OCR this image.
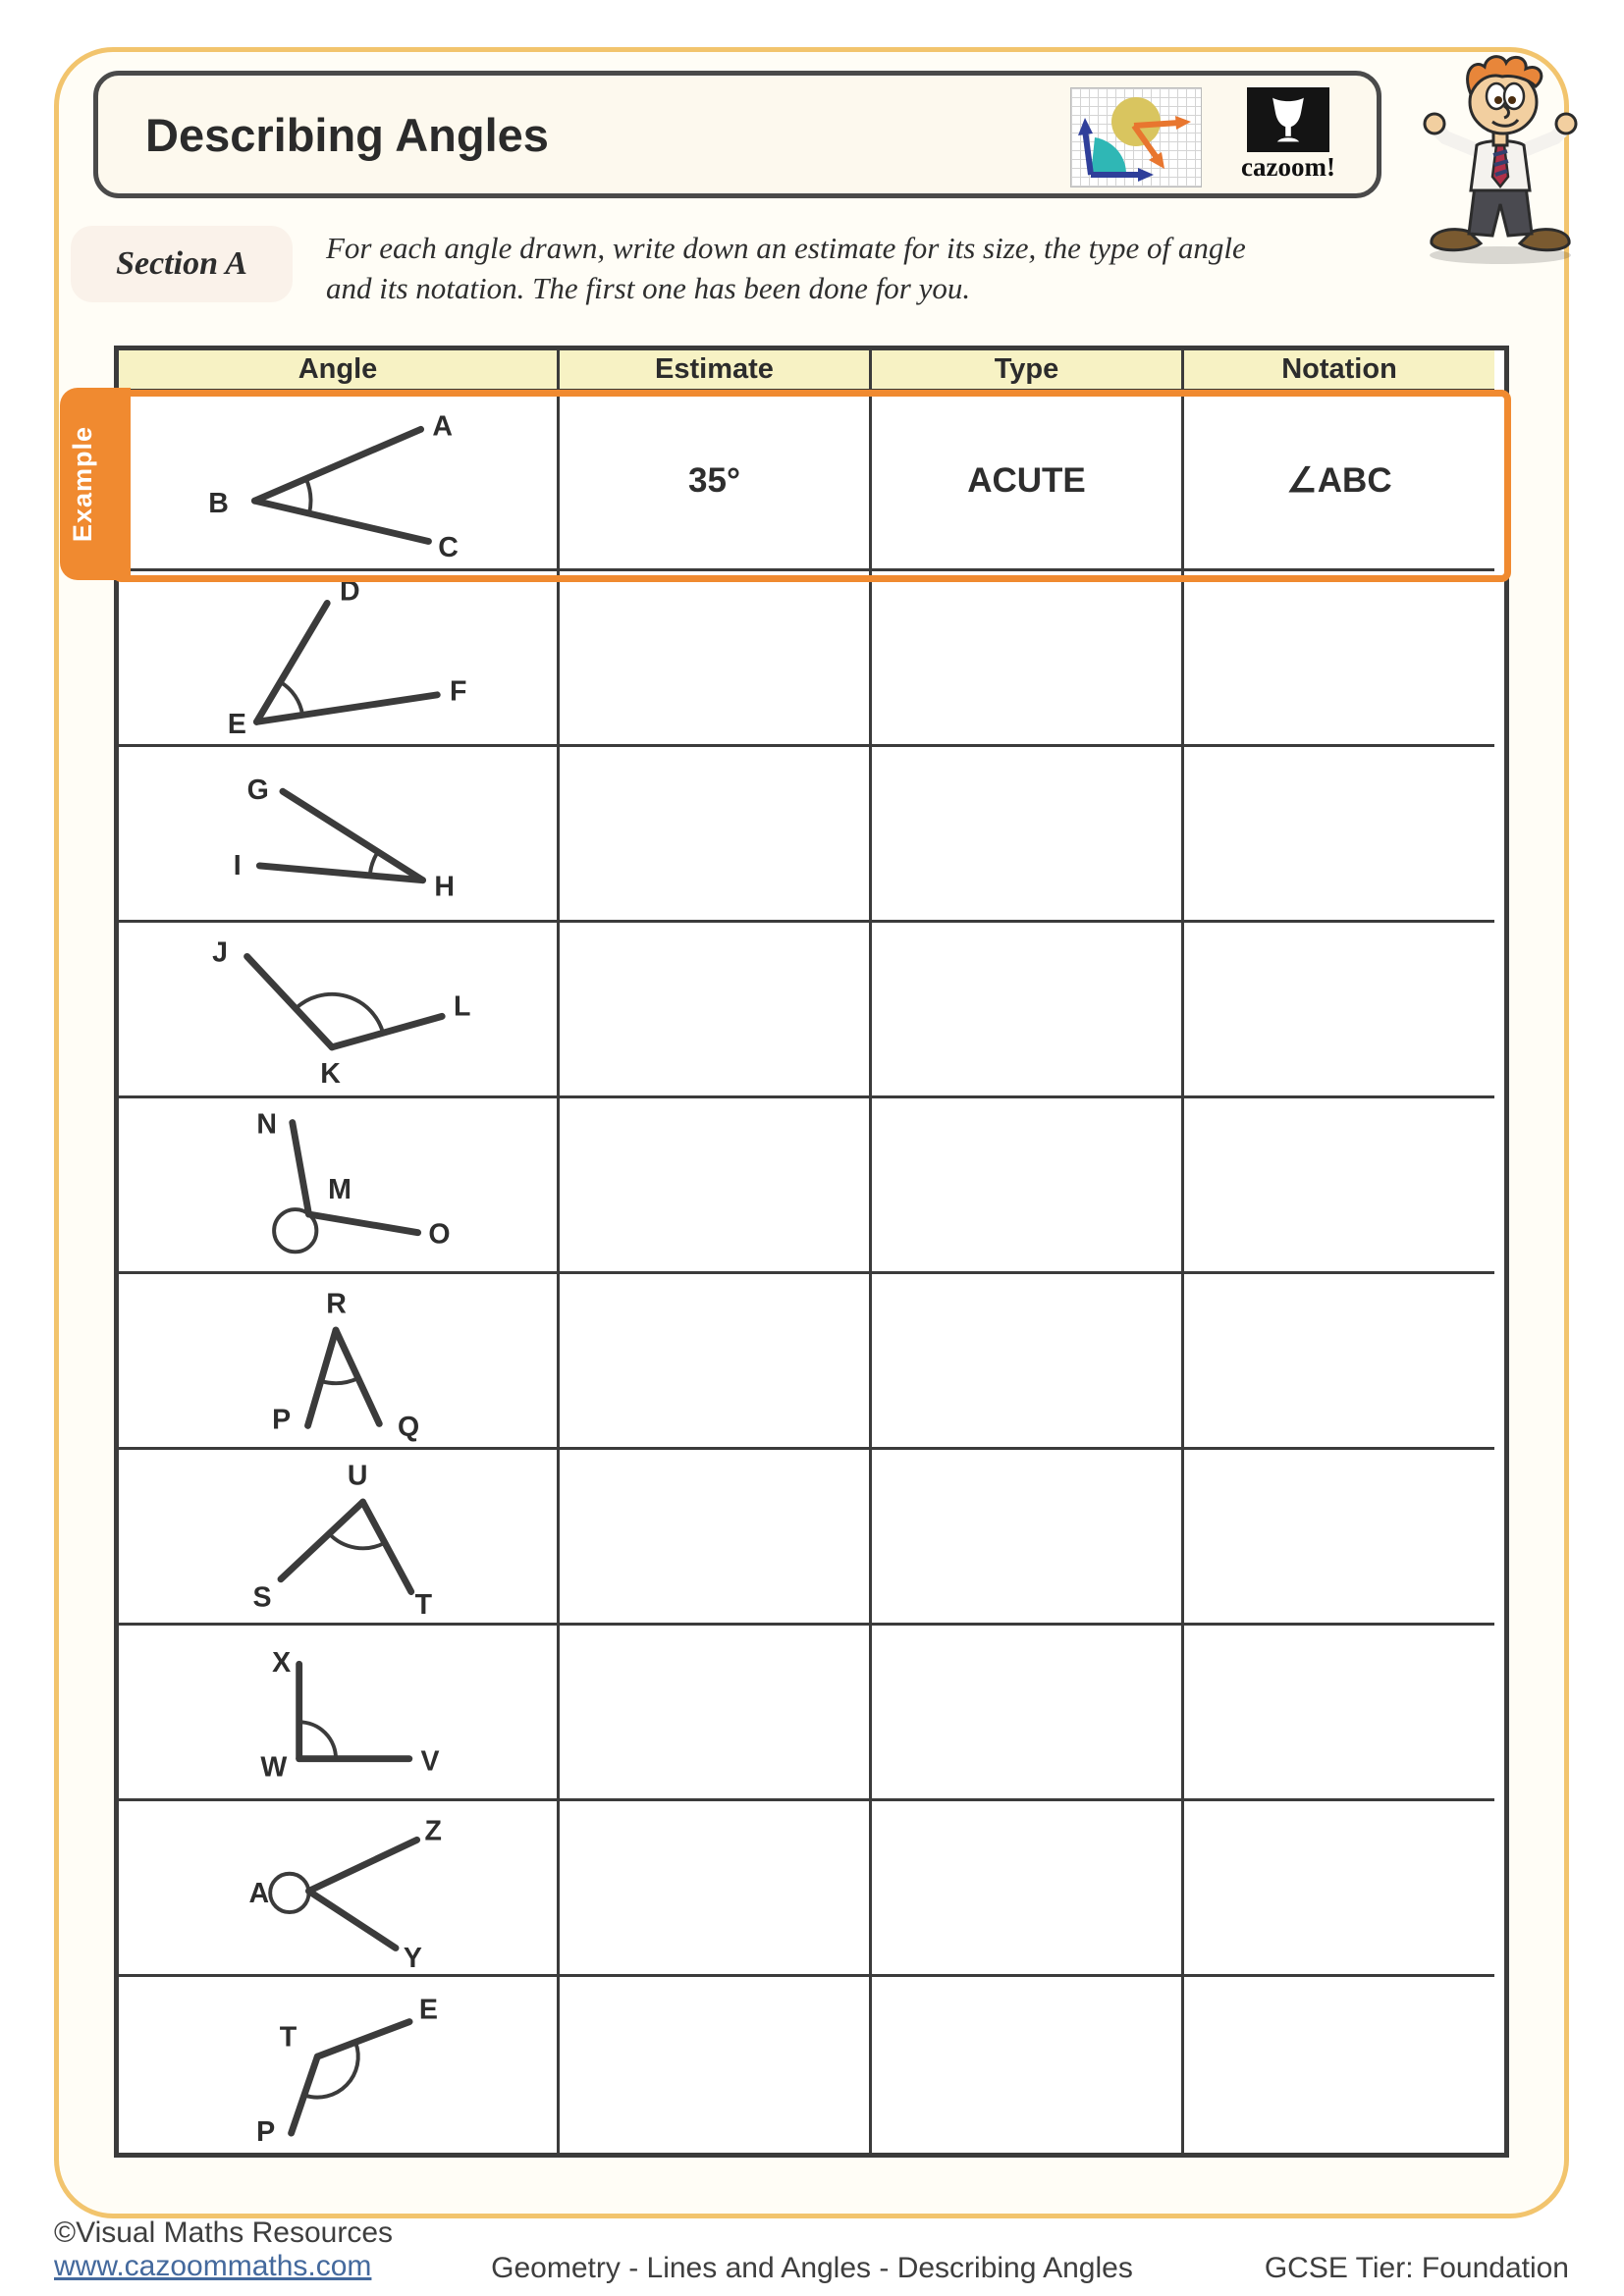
Describing Angles
cazoom!
Section A	For each angle drawn, write down an estimate for its size, the type of angle
and its notation. The first one has been done for you.
Example
Angle	Estimate	Type	Notation
A
B
C
35°	ACUTE	∠ABC
D
E
F
G
I
H
J
K
L
N
M
O
R
P	Q
U
S	T
X
W	V
A
Z
Y
E
T
P
©Visual Maths Resources
www.cazoommaths.com	Geometry - Lines and Angles - Describing Angles	GCSE Tier: Foundation
